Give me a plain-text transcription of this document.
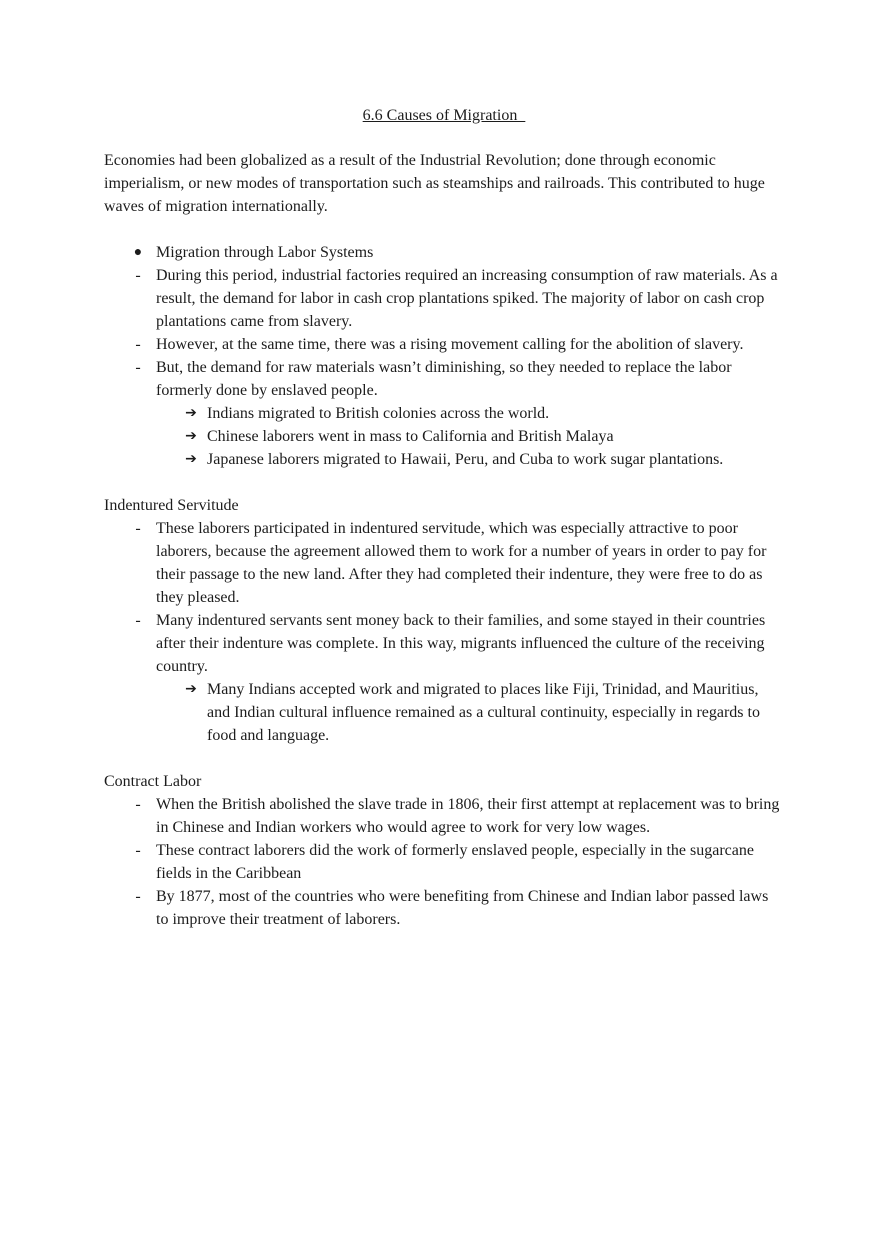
6.6 Causes of Migration

Economies had been globalized as a result of the Industrial Revolution; done through economic imperialism, or new modes of transportation such as steamships and railroads. This contributed to huge waves of migration internationally.

● Migration through Labor Systems
- During this period, industrial factories required an increasing consumption of raw materials. As a result, the demand for labor in cash crop plantations spiked. The majority of labor on cash crop plantations came from slavery.
- However, at the same time, there was a rising movement calling for the abolition of slavery.
- But, the demand for raw materials wasn’t diminishing, so they needed to replace the labor formerly done by enslaved people.
➔ Indians migrated to British colonies across the world.
➔ Chinese laborers went in mass to California and British Malaya
➔ Japanese laborers migrated to Hawaii, Peru, and Cuba to work sugar plantations.

Indentured Servitude

- These laborers participated in indentured servitude, which was especially attractive to poor laborers, because the agreement allowed them to work for a number of years in order to pay for their passage to the new land. After they had completed their indenture, they were free to do as they pleased.
- Many indentured servants sent money back to their families, and some stayed in their countries after their indenture was complete. In this way, migrants influenced the culture of the receiving country.
➔ Many Indians accepted work and migrated to places like Fiji, Trinidad, and Mauritius, and Indian cultural influence remained as a cultural continuity, especially in regards to food and language.

Contract Labor

- When the British abolished the slave trade in 1806, their first attempt at replacement was to bring in Chinese and Indian workers who would agree to work for very low wages.
- These contract laborers did the work of formerly enslaved people, especially in the sugarcane fields in the Caribbean
- By 1877, most of the countries who were benefiting from Chinese and Indian labor passed laws to improve their treatment of laborers.
